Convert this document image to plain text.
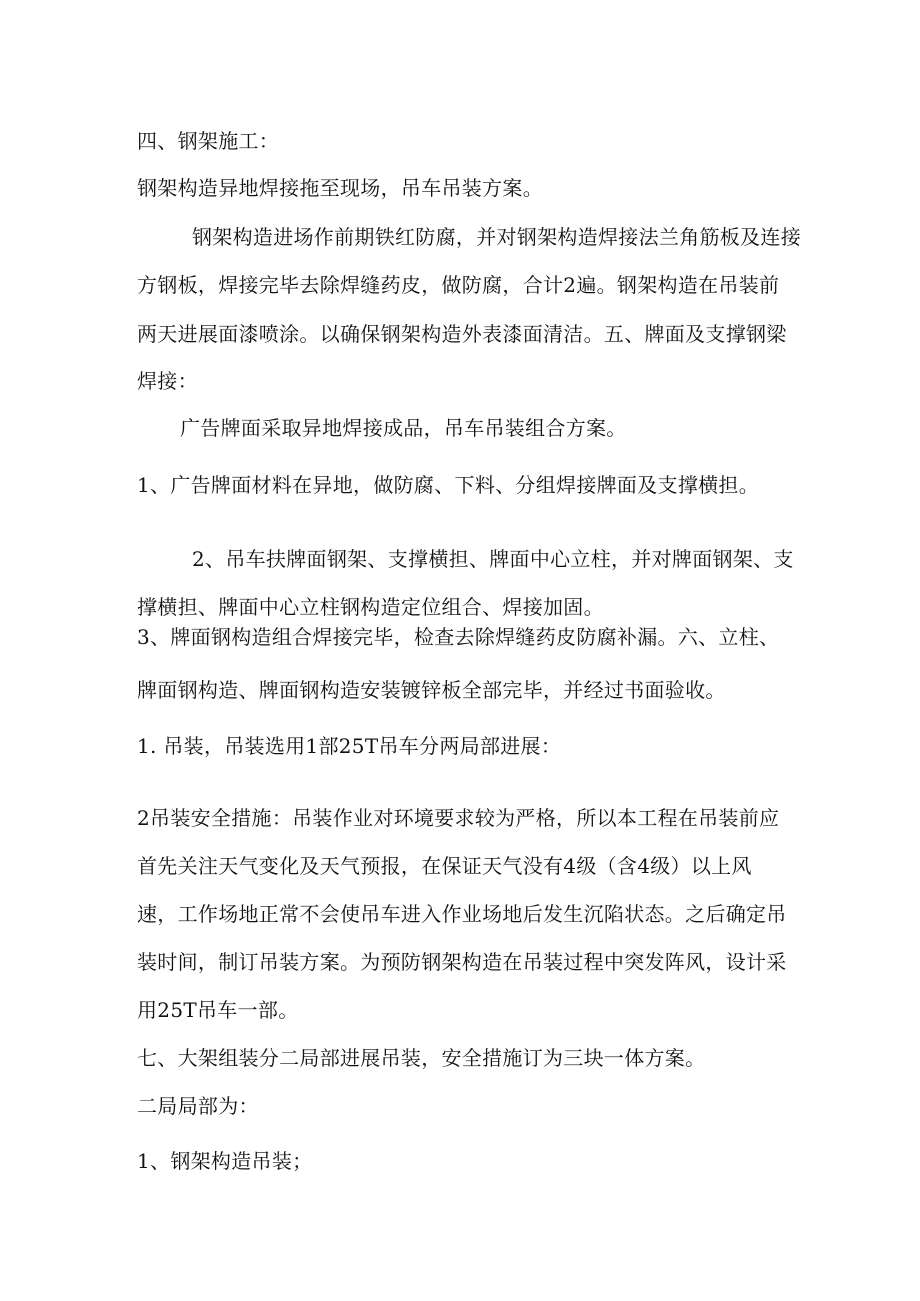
四、钢架施工：
钢架构造异地焊接拖至现场，吊车吊装方案。
钢架构造进场作前期铁红防腐，并对钢架构造焊接法兰角筋板及连接
方钢板，焊接完毕去除焊缝药皮，做防腐，合计2遍。钢架构造在吊装前
两天进展面漆喷涂。以确保钢架构造外表漆面清洁。五、牌面及支撑钢梁
焊接：
广告牌面采取异地焊接成品，吊车吊装组合方案。
1、广告牌面材料在异地，做防腐、下料、分组焊接牌面及支撑横担。
2、吊车扶牌面钢架、支撑横担、牌面中心立柱，并对牌面钢架、支
撑横担、牌面中心立柱钢构造定位组合、焊接加固。
3、牌面钢构造组合焊接完毕，检查去除焊缝药皮防腐补漏。六、立柱、
牌面钢构造、牌面钢构造安装镀锌板全部完毕，并经过书面验收。
1. 吊装，吊装选用1部25T吊车分两局部进展：
2吊装安全措施：吊装作业对环境要求较为严格，所以本工程在吊装前应
首先关注天气变化及天气预报，在保证天气没有4级（含4级）以上风
速，工作场地正常不会使吊车进入作业场地后发生沉陷状态。之后确定吊
装时间，制订吊装方案。为预防钢架构造在吊装过程中突发阵风，设计采
用25T吊车一部。
七、大架组装分二局部进展吊装，安全措施订为三块一体方案。
二局局部为：
1、钢架构造吊装；
